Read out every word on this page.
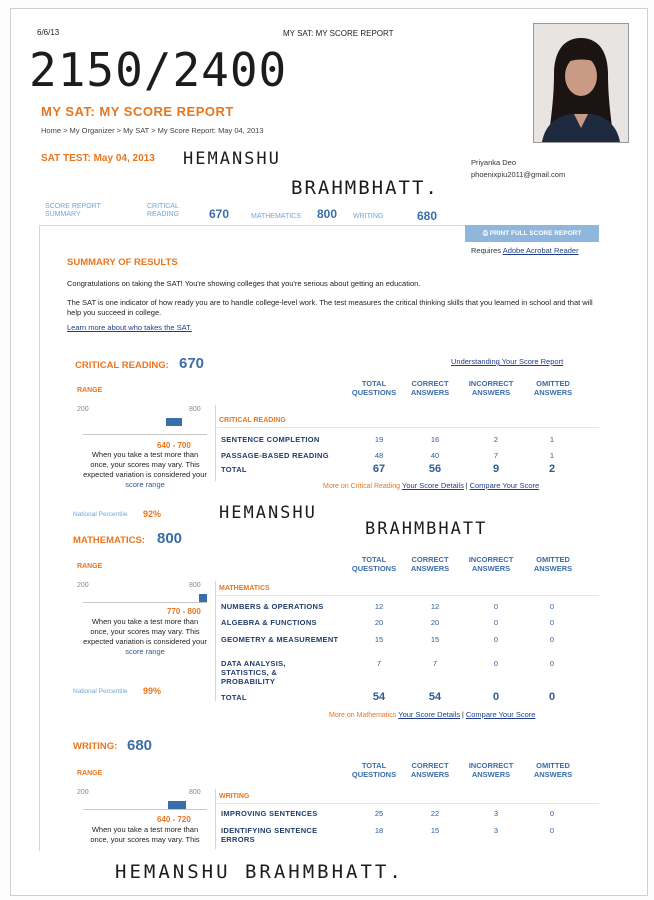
6/6/13	MY SAT: MY SCORE REPORT
2150/2400
MY SAT: MY SCORE REPORT
Home > My Organizer > My SAT > My Score Report: May 04, 2013
SAT TEST: May 04, 2013 HEMANSHU
BRAHMBHATT.
Priyanka Deo
phoenixpiu2011@gmail.com
SCORE REPORT SUMMARY
CRITICAL READING	670	MATHEMATICS 800 WRITING	680
⎙ PRINT FULL SCORE REPORT
Requires Adobe Acrobat Reader
SUMMARY OF RESULTS
Congratulations on taking the SAT! You're showing colleges that you're serious about getting an education.
The SAT is one indicator of how ready you are to handle college-level work. The test measures the critical thinking skills that you learned in school and that will help you succeed in college.
Learn more about who takes the SAT.
CRITICAL READING: 670	Understanding Your Score Report
TOTAL QUESTIONS
CORRECT ANSWERS
INCORRECT ANSWERS
OMITTED ANSWERS
RANGE
200	800
640 - 700
When you take a test more than once, your scores may vary. This expected variation is considered your score range
National Percentile 92%
CRITICAL READING
SENTENCE COMPLETION	19	16	2	1
PASSAGE-BASED READING	48	40	7	1
TOTAL	67	56	9	2
More on Critical Reading Your Score Details | Compare Your Score
HEMANSHU
BRAHMBHATT
MATHEMATICS: 800
TOTAL QUESTIONS
CORRECT ANSWERS
INCORRECT ANSWERS
OMITTED ANSWERS
RANGE
200	800
770 - 800
When you take a test more than once, your scores may vary. This expected variation is considered your score range
National Percentile 99%
MATHEMATICS
NUMBERS & OPERATIONS	12	12	0	0
ALGEBRA & FUNCTIONS	20	20	0	0
GEOMETRY & MEASUREMENT	15	15	0	0
DATA ANALYSIS, STATISTICS, & PROBABILITY
7	7	0	0
TOTAL	54	54	0	0
More on Mathematics Your Score Details | Compare Your Score
WRITING: 680
TOTAL QUESTIONS
CORRECT ANSWERS
INCORRECT ANSWERS
OMITTED ANSWERS
RANGE
200	800
640 - 720
When you take a test more than once, your scores may vary. This
WRITING
IMPROVING SENTENCES	25	22	3	0
IDENTIFYING SENTENCE ERRORS
18	15	3	0
HEMANSHU BRAHMBHATT.
